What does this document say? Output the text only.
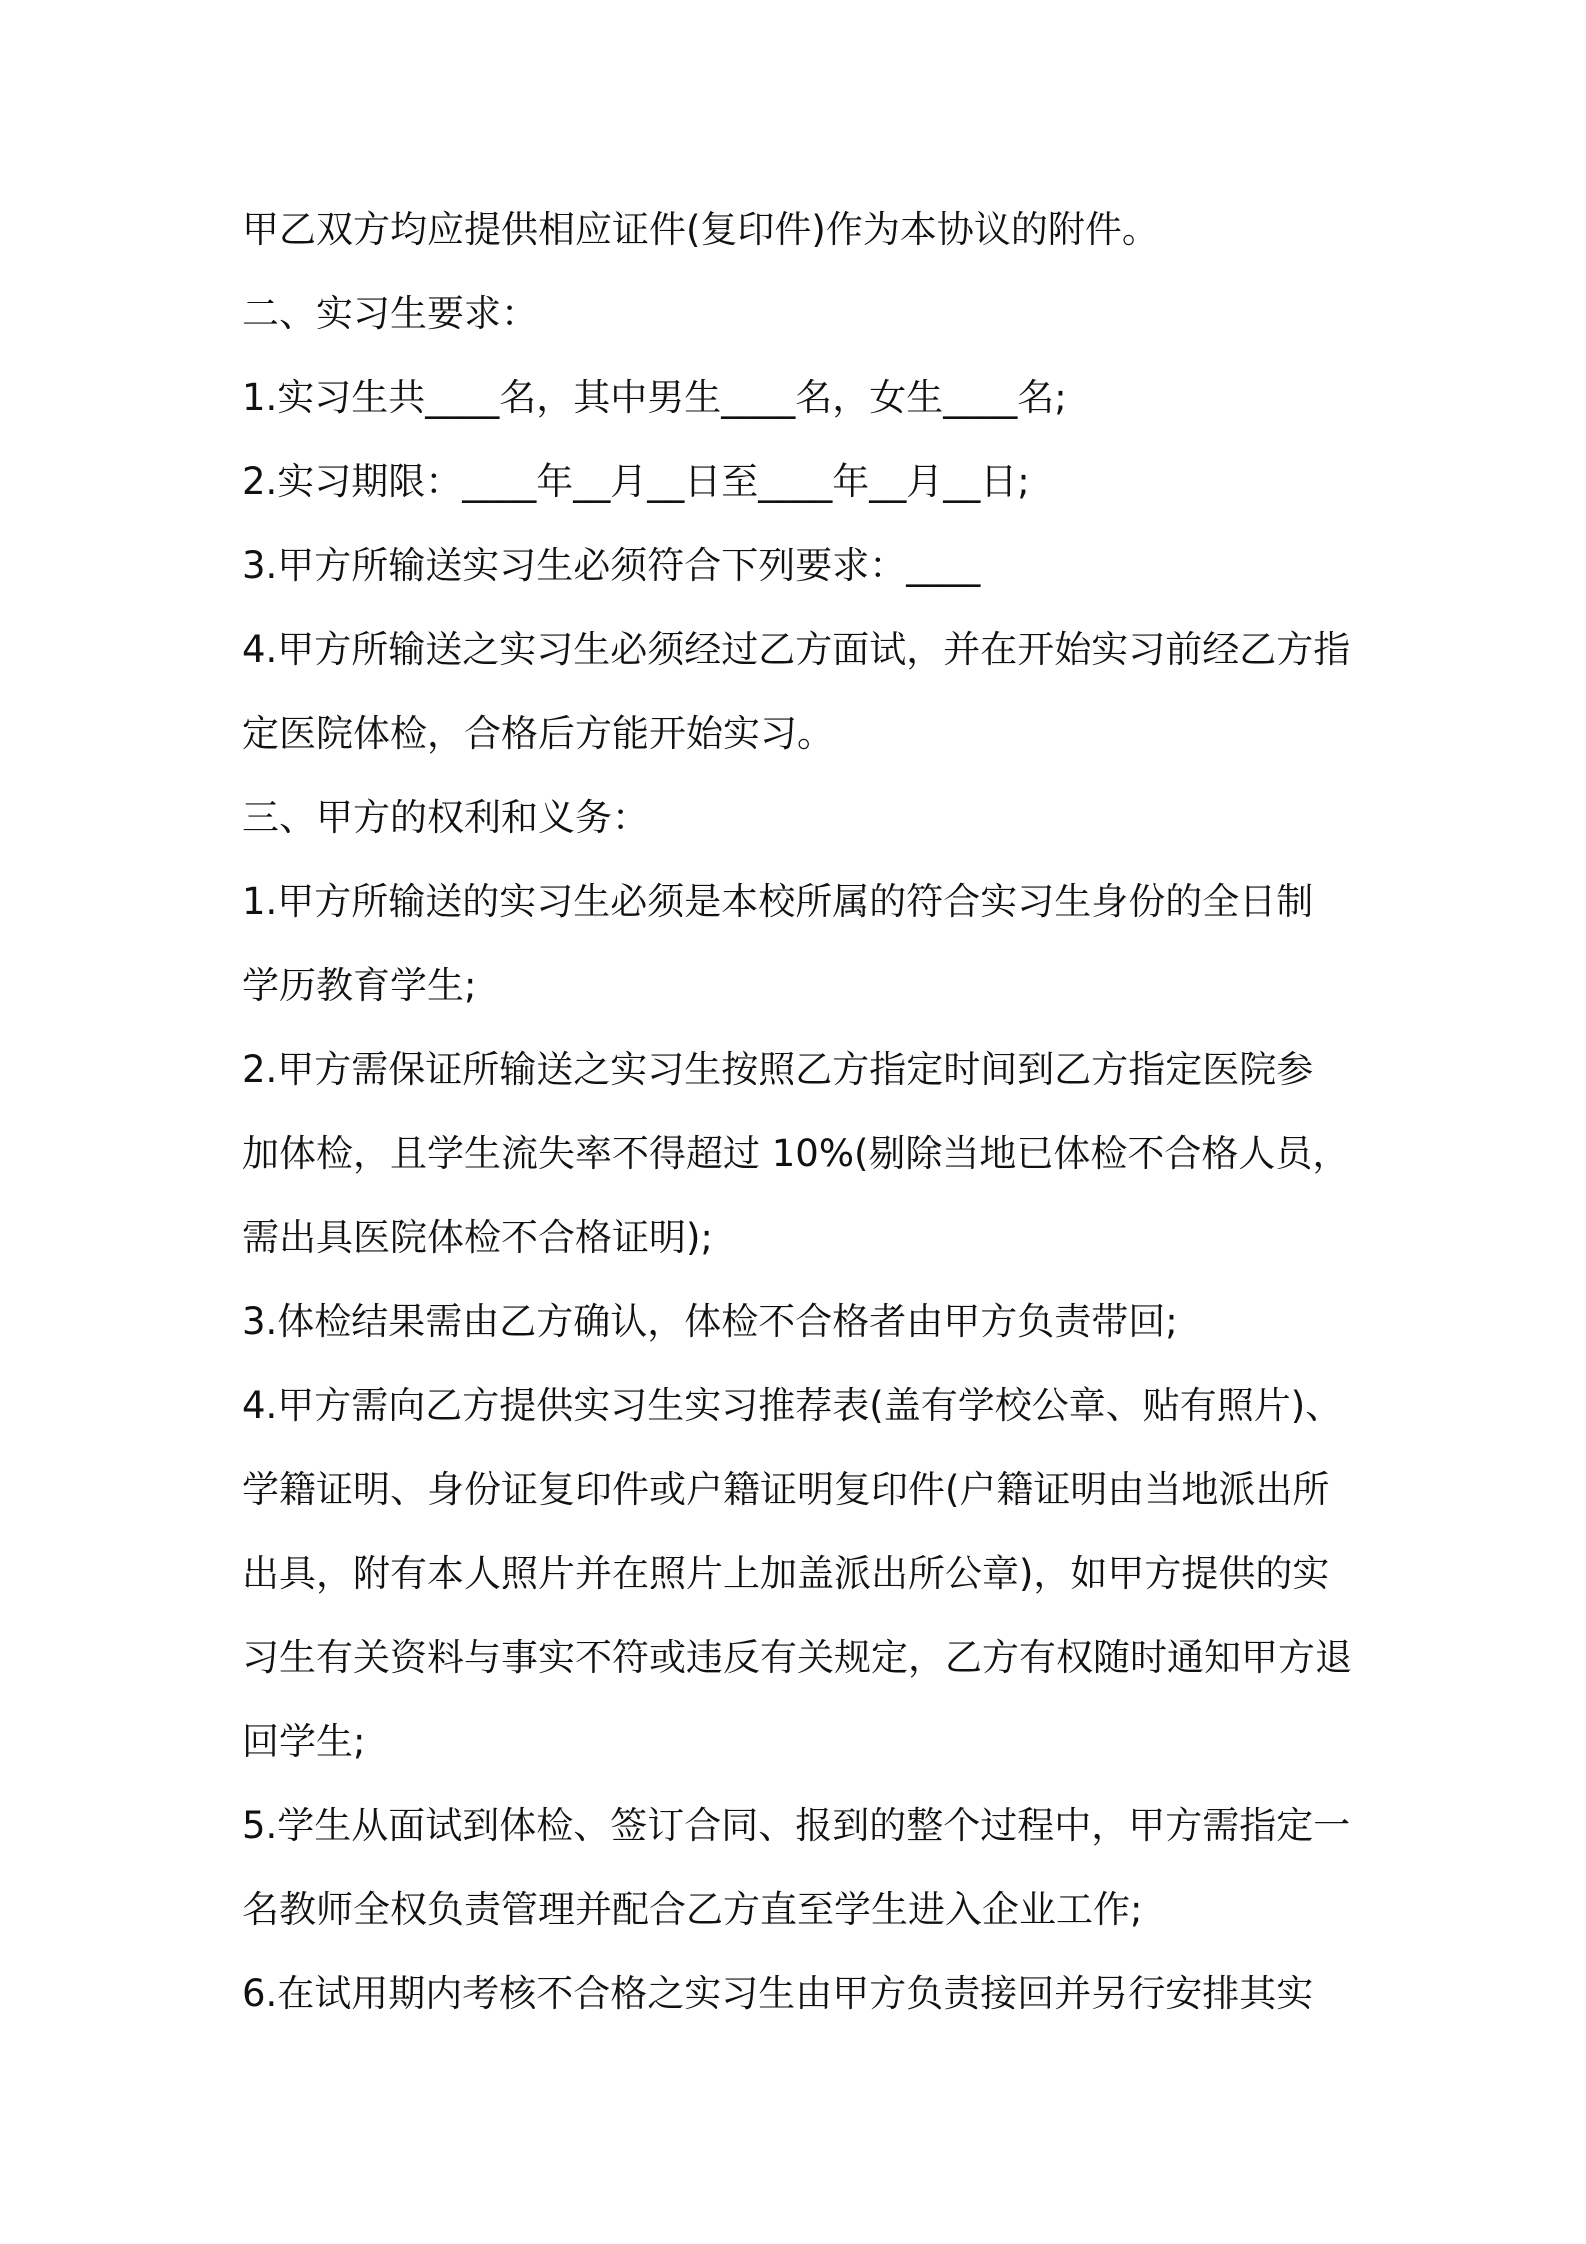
甲乙双方均应提供相应证件(复印件)作为本协议的附件。
二、实习生要求：
1.实习生共____名，其中男生____名，女生____名;
2.实习期限：____年__月__日至____年__月__日;
3.甲方所输送实习生必须符合下列要求：____
4.甲方所输送之实习生必须经过乙方面试，并在开始实习前经乙方指
定医院体检，合格后方能开始实习。
三、甲方的权利和义务：
1.甲方所输送的实习生必须是本校所属的符合实习生身份的全日制
学历教育学生;
2.甲方需保证所输送之实习生按照乙方指定时间到乙方指定医院参
加体检，且学生流失率不得超过 10%(剔除当地已体检不合格人员，
需出具医院体检不合格证明);
3.体检结果需由乙方确认，体检不合格者由甲方负责带回;
4.甲方需向乙方提供实习生实习推荐表(盖有学校公章、贴有照片)、
学籍证明、身份证复印件或户籍证明复印件(户籍证明由当地派出所
出具，附有本人照片并在照片上加盖派出所公章)，如甲方提供的实
习生有关资料与事实不符或违反有关规定，乙方有权随时通知甲方退
回学生;
5.学生从面试到体检、签订合同、报到的整个过程中，甲方需指定一
名教师全权负责管理并配合乙方直至学生进入企业工作;
6.在试用期内考核不合格之实习生由甲方负责接回并另行安排其实
